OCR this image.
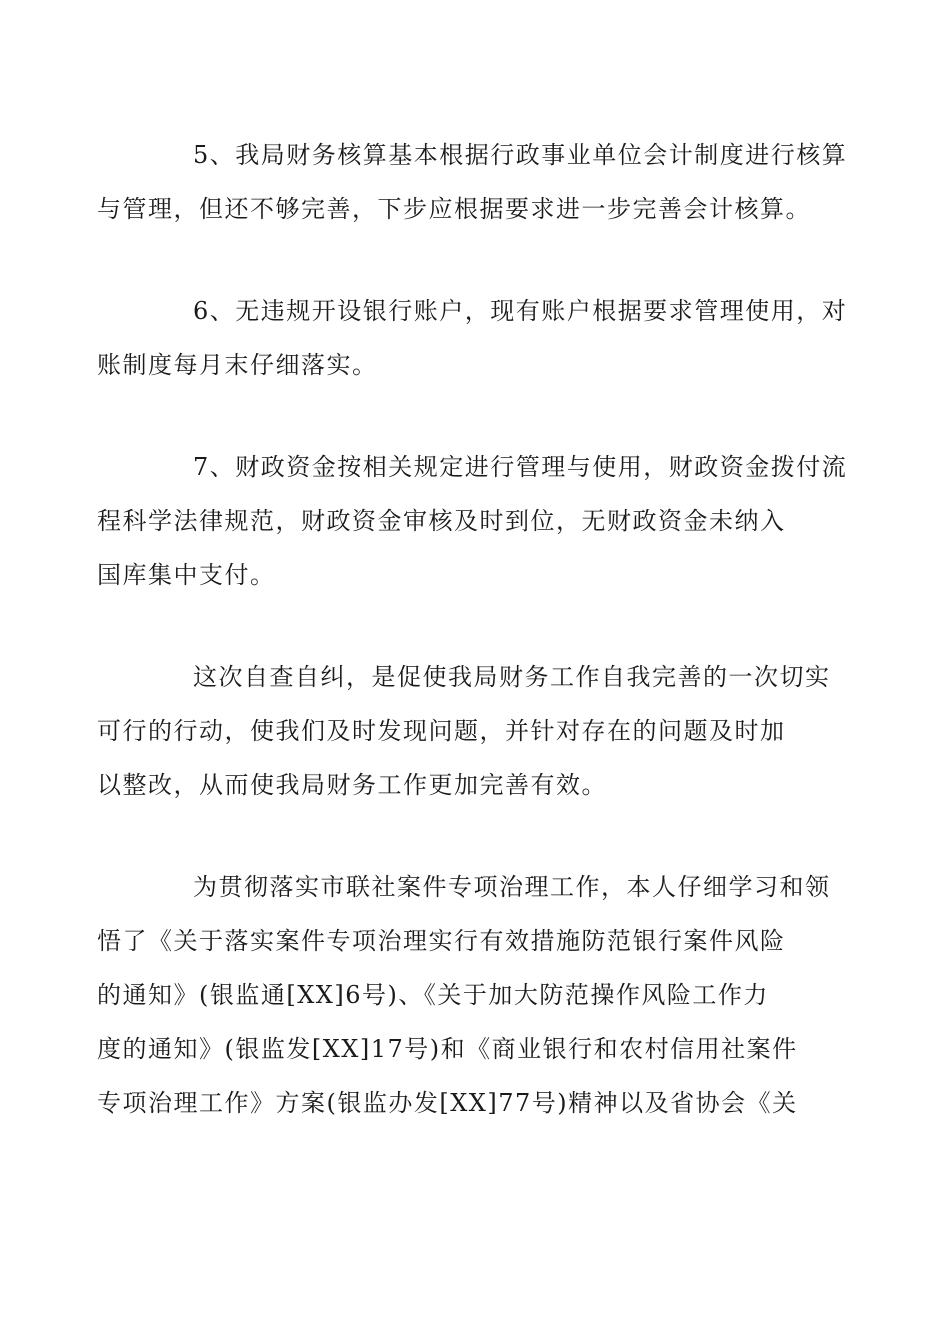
5、我局财务核算基本根据行政事业单位会计制度进行核算
与管理，但还不够完善，下步应根据要求进一步完善会计核算。

6、无违规开设银行账户，现有账户根据要求管理使用，对
账制度每月末仔细落实。

7、财政资金按相关规定进行管理与使用，财政资金拨付流
程科学法律规范，财政资金审核及时到位，无财政资金未纳入
国库集中支付。

这次自查自纠，是促使我局财务工作自我完善的一次切实
可行的行动，使我们及时发现问题，并针对存在的问题及时加
以整改，从而使我局财务工作更加完善有效。

为贯彻落实市联社案件专项治理工作，本人仔细学习和领
悟了《关于落实案件专项治理实行有效措施防范银行案件风险
的通知》(银监通[XX]6号)、《关于加大防范操作风险工作力
度的通知》(银监发[XX]17号)和《商业银行和农村信用社案件
专项治理工作》方案(银监办发[XX]77号)精神以及省协会《关
